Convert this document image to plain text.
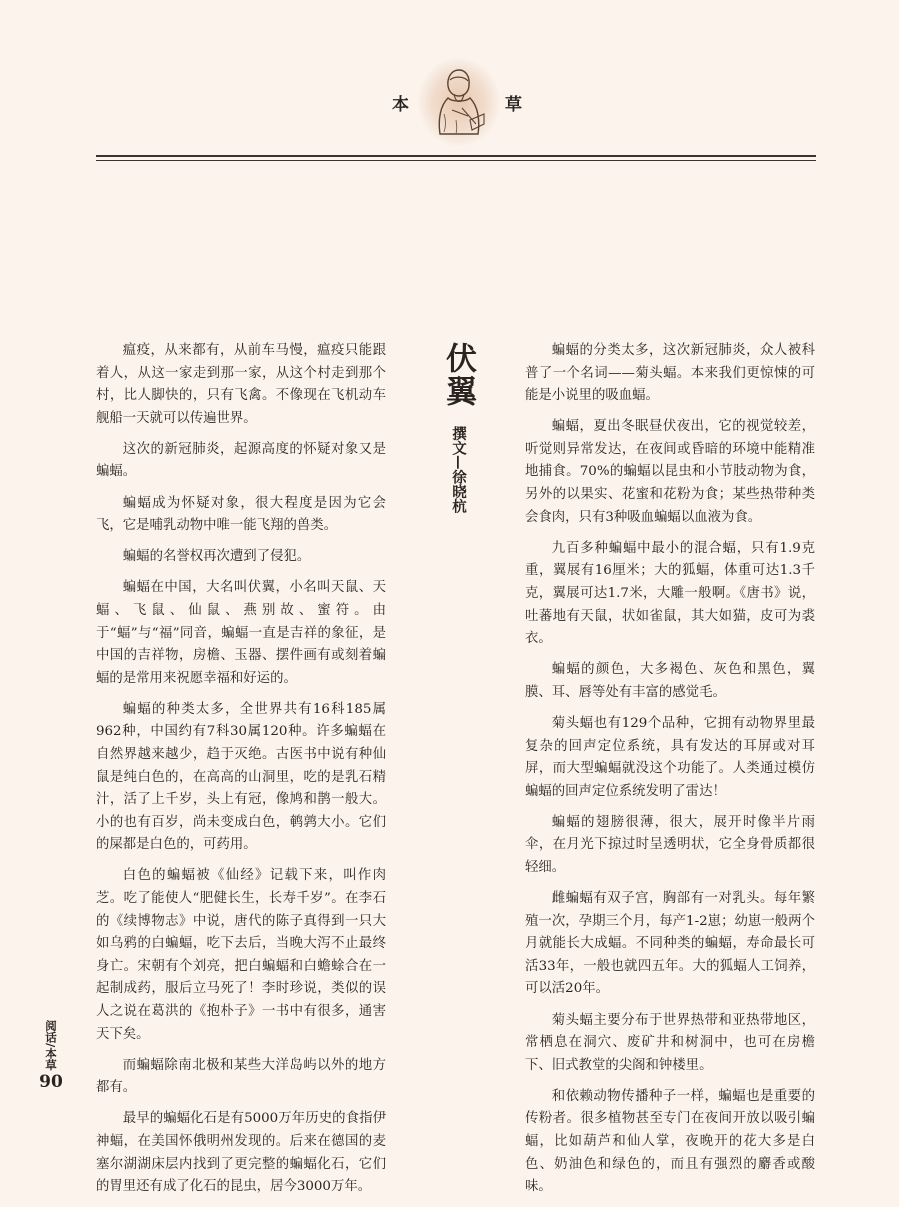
本	草

瘟疫，从来都有，从前车马慢，瘟疫只能跟着人，从这一家走到那一家，从这个村走到那个村，比人脚快的，只有飞禽。不像现在飞机动车舰船一天就可以传遍世界。

这次的新冠肺炎，起源高度的怀疑对象又是蝙蝠。

蝙蝠成为怀疑对象，很大程度是因为它会飞，它是哺乳动物中唯一能飞翔的兽类。

蝙蝠的名誉权再次遭到了侵犯。

蝙蝠在中国，大名叫伏翼，小名叫天鼠、天蝠、飞鼠、仙鼠、燕别故、蜜符。由于“蝠”与“福”同音，蝙蝠一直是吉祥的象征，是中国的吉祥物，房檐、玉器、摆件画有或刻着蝙蝠的是常用来祝愿幸福和好运的。

蝙蝠的种类太多，全世界共有16科185属962种，中国约有7科30属120种。许多蝙蝠在自然界越来越少，趋于灭绝。古医书中说有种仙鼠是纯白色的，在高高的山洞里，吃的是乳石精汁，活了上千岁，头上有冠，像鸠和鹊一般大。小的也有百岁，尚未变成白色，鹌鹑大小。它们的屎都是白色的，可药用。

白色的蝙蝠被《仙经》记载下来，叫作肉芝。吃了能使人“肥健长生，长寿千岁”。在李石的《续博物志》中说，唐代的陈子真得到一只大如乌鸦的白蝙蝠，吃下去后，当晚大泻不止最终身亡。宋朝有个刘亮，把白蝙蝠和白蟾蜍合在一起制成药，服后立马死了！李时珍说，类似的误人之说在葛洪的《抱朴子》一书中有很多，通害天下矣。

而蝙蝠除南北极和某些大洋岛屿以外的地方都有。

最早的蝙蝠化石是有5000万年历史的食指伊神蝠，在美国怀俄明州发现的。后来在德国的麦塞尔湖湖床层内找到了更完整的蝙蝠化石，它们的胃里还有成了化石的昆虫，居今3000万年。

伏翼
撰文—徐晓杭

蝙蝠的分类太多，这次新冠肺炎，众人被科普了一个名词——菊头蝠。本来我们更惊悚的可能是小说里的吸血蝠。

蝙蝠，夏出冬眠昼伏夜出，它的视觉较差，听觉则异常发达，在夜间或昏暗的环境中能精准地捕食。70%的蝙蝠以昆虫和小节肢动物为食，另外的以果实、花蜜和花粉为食；某些热带种类会食肉，只有3种吸血蝙蝠以血液为食。

九百多种蝙蝠中最小的混合蝠，只有1.9克重，翼展有16厘米；大的狐蝠，体重可达1.3千克，翼展可达1.7米，大雕一般啊。《唐书》说，吐蕃地有天鼠，状如雀鼠，其大如猫，皮可为裘衣。

蝙蝠的颜色，大多褐色、灰色和黑色，翼膜、耳、唇等处有丰富的感觉毛。

菊头蝠也有129个品种，它拥有动物界里最复杂的回声定位系统，具有发达的耳屏或对耳屏，而大型蝙蝠就没这个功能了。人类通过模仿蝙蝠的回声定位系统发明了雷达！

蝙蝠的翅膀很薄，很大，展开时像半片雨伞，在月光下掠过时呈透明状，它全身骨质都很轻细。

雌蝙蝠有双子宫，胸部有一对乳头。每年繁殖一次，孕期三个月，每产1-2崽；幼崽一般两个月就能长大成蝠。不同种类的蝙蝠，寿命最长可活33年，一般也就四五年。大的狐蝠人工饲养，可以活20年。

菊头蝠主要分布于世界热带和亚热带地区，常栖息在洞穴、废矿井和树洞中，也可在房檐下、旧式教堂的尖阁和钟楼里。

和依赖动物传播种子一样，蝙蝠也是重要的传粉者。很多植物甚至专门在夜间开放以吸引蝙蝠，比如葫芦和仙人掌，夜晚开的花大多是白色、奶油色和绿色的，而且有强烈的麝香或酸味。

阅话/本草
90
